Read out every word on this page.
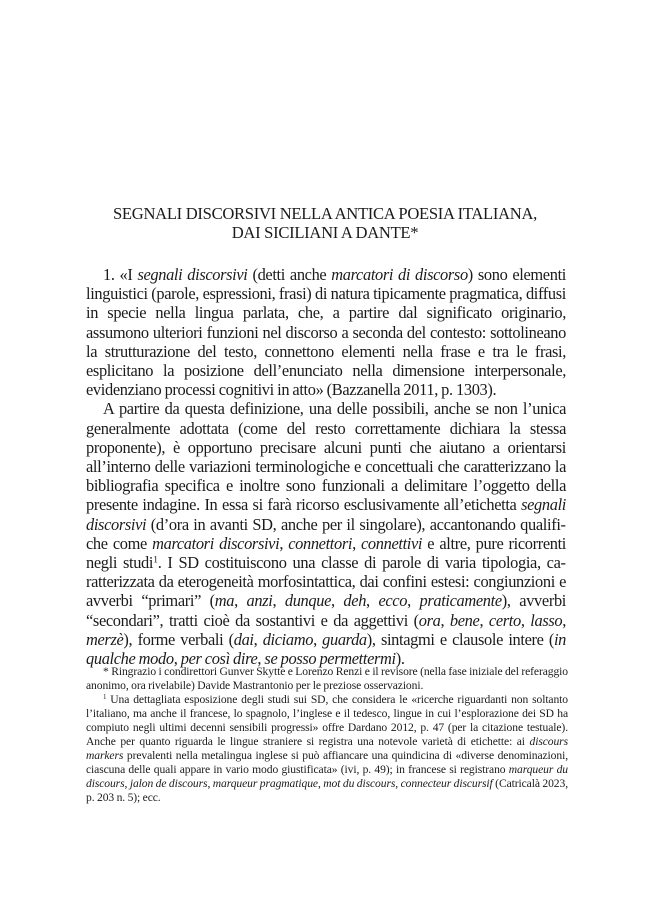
SEGNALI DISCORSIVI NELLA ANTICA POESIA ITALIANA,
DAI SICILIANI A DANTE*

1. «I segnali discorsivi (detti anche marcatori di discorso) sono elementi linguistici (parole, espressioni, frasi) di natura tipicamente pragmatica, diffusi in specie nella lingua parlata, che, a partire dal significato originario, assumono ulteriori funzioni nel discorso a seconda del contesto: sottolineano la strutturazione del testo, connettono elementi nella frase e tra le frasi, esplicitano la posizione dell’enunciato nella dimensione interpersonale, evidenziano processi cognitivi in atto» (Bazzanella 2011, p. 1303).

A partire da questa definizione, una delle possibili, anche se non l’unica generalmente adottata (come del resto correttamente dichiara la stessa proponente), è opportuno precisare alcuni punti che aiutano a orientarsi all’interno delle variazioni terminologiche e concettuali che caratterizzano la bibliografia specifica e inoltre sono funzionali a delimitare l’oggetto della presente indagine. In essa si farà ricorso esclusivamente all’etichetta segnali discorsivi (d’ora in avanti SD, anche per il singolare), accantonando qualifiche come marcatori discorsivi, connettori, connettivi e altre, pure ricorrenti negli studi$^1$. I SD costituiscono una classe di parole di varia tipologia, caratterizzata da eterogeneità morfosintattica, dai confini estesi: congiunzioni e avverbi “primari” (ma, anzi, dunque, deh, ecco, praticamente), avverbi “secondari”, tratti cioè da sostantivi e da aggettivi (ora, bene, certo, lasso, merzè), forme verbali (dai, diciamo, guarda), sintagmi e clausole intere (in qualche modo, per così dire, se posso permettermi).

* Ringrazio i condirettori Gunver Skytte e Lorenzo Renzi e il revisore (nella fase iniziale del referaggio anonimo, ora rivelabile) Davide Mastrantonio per le preziose osservazioni.

$^1$ Una dettagliata esposizione degli studi sui SD, che considera le «ricerche riguardanti non soltanto l’italiano, ma anche il francese, lo spagnolo, l’inglese e il tedesco, lingue in cui l’esplorazione dei SD ha compiuto negli ultimi decenni sensibili progressi» offre Dardano 2012, p. 47 (per la citazione testuale). Anche per quanto riguarda le lingue straniere si registra una notevole varietà di etichette: ai discours markers prevalenti nella metalingua inglese si può affiancare una quindicina di «diverse denominazioni, ciascuna delle quali appare in vario modo giustificata» (ivi, p. 49); in francese si registrano marqueur du discours, jalon de discours, marqueur pragmatique, mot du discours, connecteur discursif (Catricalà 2023, p. 203 n. 5); ecc.
